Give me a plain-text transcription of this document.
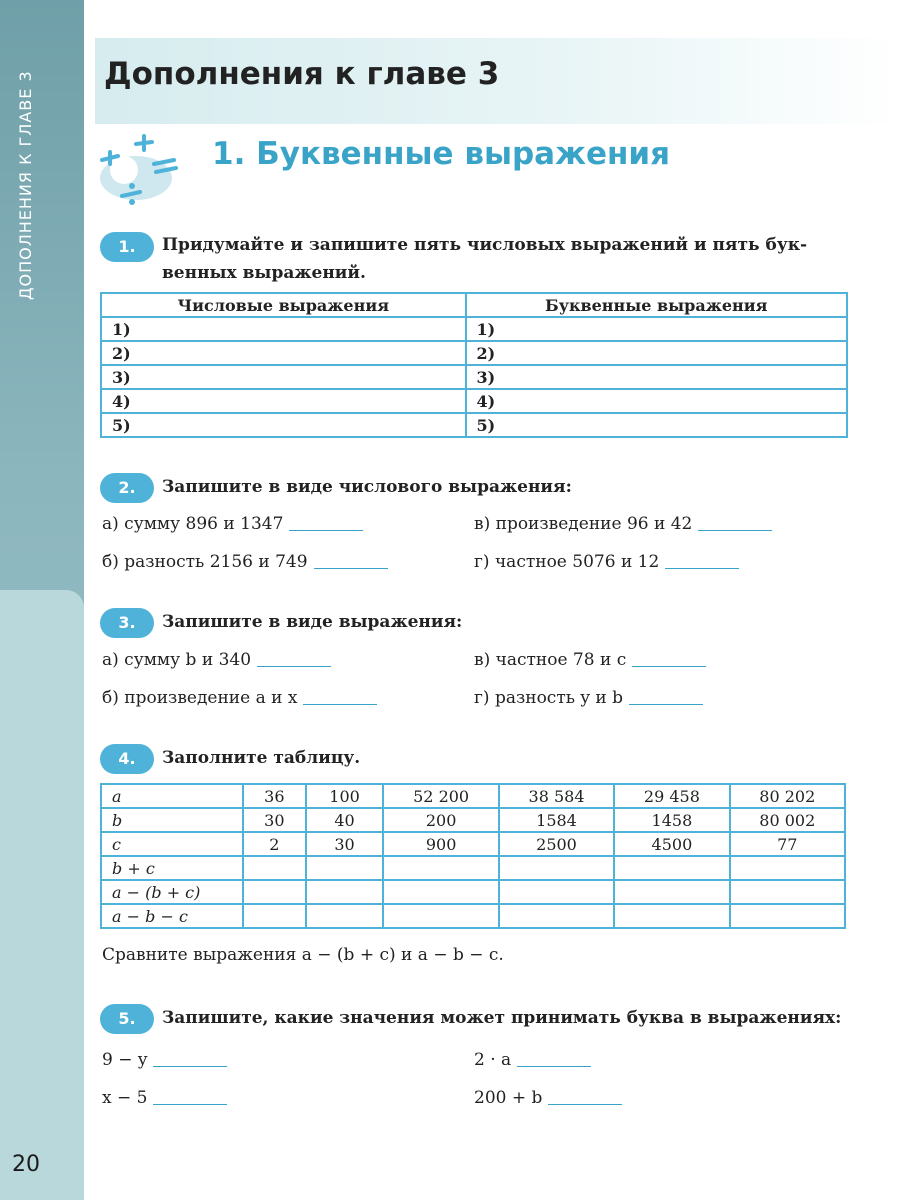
ДОПОЛНЕНИЯ К ГЛАВЕ 3
20
Дополнения к главе 3
1. Буквенные выражения
1.	Придумайте и запишите пять числовых выражений и пять бук-
венных выражений.
Числовые выражения	Буквенные выражения
1)	1)
2)	2)
3)	3)
4)	4)
5)	5)
2.	Запишите в виде числового выражения:
а) сумму 896 и 1347	в) произведение 96 и 42
б) разность 2156 и 749	г) частное 5076 и 12
3.	Запишите в виде выражения:
а) сумму b и 340	в) частное 78 и c
б) произведение a и x	г) разность y и b
4.	Заполните таблицу.
a	36	100	52 200	38 584	29 458	80 202
b	30	40	200	1584	1458	80 002
c	2	30	900	2500	4500	77
b + c						
a − (b + c)						
a − b − c						
Сравните выражения a − (b + c) и a − b − c.
5.	Запишите, какие значения может принимать буква в выражениях:
9 − y	2 · a
x − 5	200 + b
